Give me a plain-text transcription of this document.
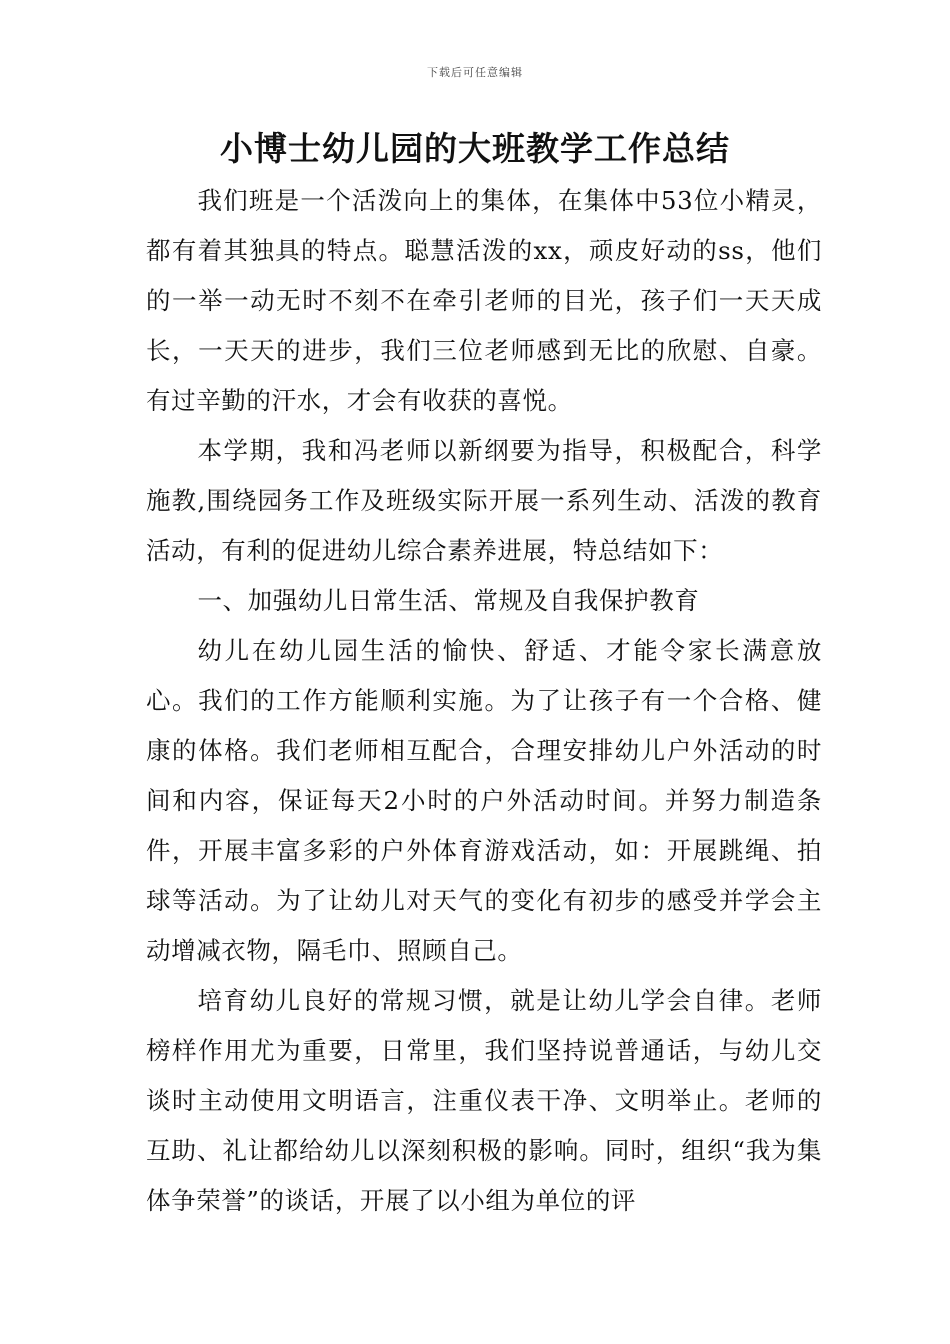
下载后可任意编辑
小博士幼儿园的大班教学工作总结

我们班是一个活泼向上的集体，在集体中53位小精灵，都有着其独具的特点。聪慧活泼的xx，顽皮好动的ss，他们的一举一动无时不刻不在牵引老师的目光，孩子们一天天成长，一天天的进步，我们三位老师感到无比的欣慰、自豪。有过辛勤的汗水，才会有收获的喜悦。

本学期，我和冯老师以新纲要为指导，积极配合，科学施教,围绕园务工作及班级实际开展一系列生动、活泼的教育活动，有利的促进幼儿综合素养进展，特总结如下：

一、加强幼儿日常生活、常规及自我保护教育

幼儿在幼儿园生活的愉快、舒适、才能令家长满意放心。我们的工作方能顺利实施。为了让孩子有一个合格、健康的体格。我们老师相互配合，合理安排幼儿户外活动的时间和内容，保证每天2小时的户外活动时间。并努力制造条件，开展丰富多彩的户外体育游戏活动，如：开展跳绳、拍球等活动。为了让幼儿对天气的变化有初步的感受并学会主动增减衣物，隔毛巾、照顾自己。

培育幼儿良好的常规习惯，就是让幼儿学会自律。老师榜样作用尤为重要，日常里，我们坚持说普通话，与幼儿交谈时主动使用文明语言，注重仪表干净、文明举止。老师的互助、礼让都给幼儿以深刻积极的影响。同时，组织“我为集体争荣誉”的谈话，开展了以小组为单位的评
